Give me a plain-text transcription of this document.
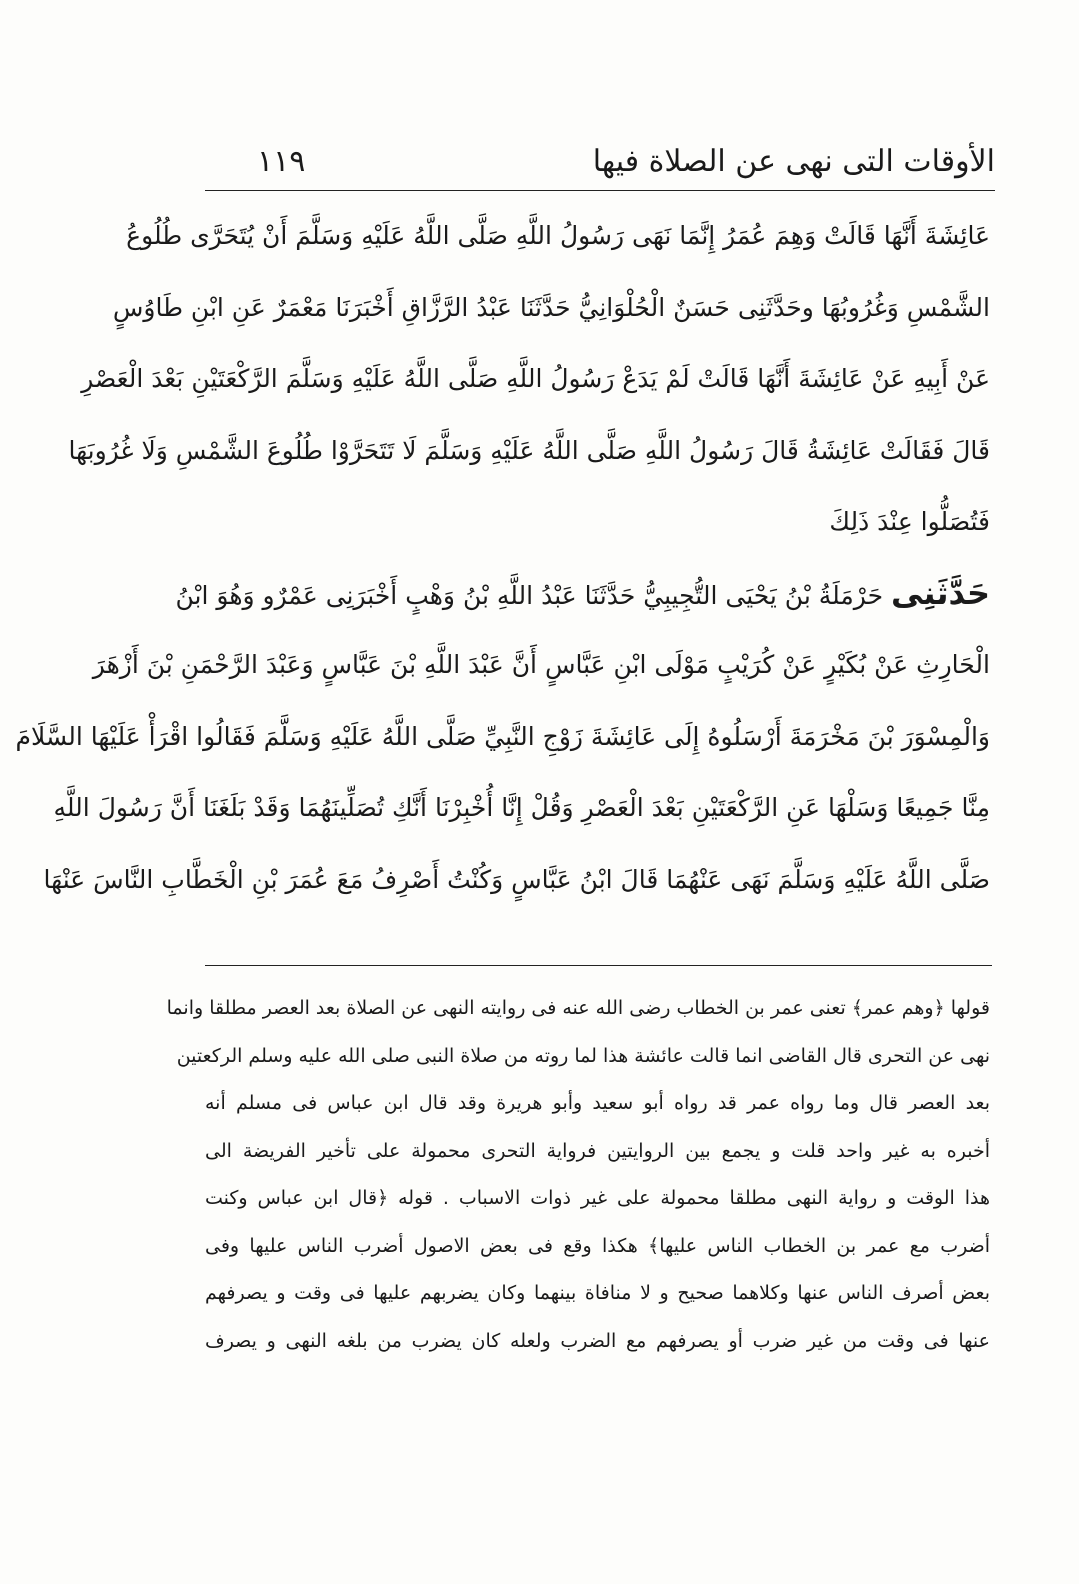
الأوقات التى نهى عن الصلاة فيها
١١٩
عَائِشَةَ أَنَّهَا قَالَتْ وَهِمَ عُمَرُ إِنَّمَا نَهَى رَسُولُ اللَّهِ صَلَّى اللَّهُ عَلَيْهِ وَسَلَّمَ أَنْ يُتَحَرَّى طُلُوعُ
الشَّمْسِ وَغُرُوبُهَا وحَدَّثَنِى حَسَنٌ الْحُلْوَانِيُّ حَدَّثَنَا عَبْدُ الرَّزَّاقِ أَخْبَرَنَا مَعْمَرٌ عَنِ ابْنِ طَاوُسٍ
عَنْ أَبِيهِ عَنْ عَائِشَةَ أَنَّهَا قَالَتْ لَمْ يَدَعْ رَسُولُ اللَّهِ صَلَّى اللَّهُ عَلَيْهِ وَسَلَّمَ الرَّكْعَتَيْنِ بَعْدَ الْعَصْرِ
قَالَ فَقَالَتْ عَائِشَةُ قَالَ رَسُولُ اللَّهِ صَلَّى اللَّهُ عَلَيْهِ وَسَلَّمَ لَا تَتَحَرَّوْا طُلُوعَ الشَّمْسِ وَلَا غُرُوبَهَا
فَتُصَلُّوا عِنْدَ ذَلِكَ
حَدَّثَنِى حَرْمَلَةُ بْنُ يَحْيَى التُّجِيبِيُّ حَدَّثَنَا عَبْدُ اللَّهِ بْنُ وَهْبٍ أَخْبَرَنِى عَمْرٌو وَهُوَ ابْنُ
الْحَارِثِ عَنْ بُكَيْرٍ عَنْ كُرَيْبٍ مَوْلَى ابْنِ عَبَّاسٍ أَنَّ عَبْدَ اللَّهِ بْنَ عَبَّاسٍ وَعَبْدَ الرَّحْمَنِ بْنَ أَزْهَرَ
وَالْمِسْوَرَ بْنَ مَخْرَمَةَ أَرْسَلُوهُ إِلَى عَائِشَةَ زَوْجِ النَّبِيِّ صَلَّى اللَّهُ عَلَيْهِ وَسَلَّمَ فَقَالُوا اقْرَأْ عَلَيْهَا السَّلَامَ
مِنَّا جَمِيعًا وَسَلْهَا عَنِ الرَّكْعَتَيْنِ بَعْدَ الْعَصْرِ وَقُلْ إِنَّا أُخْبِرْنَا أَنَّكِ تُصَلِّينَهُمَا وَقَدْ بَلَغَنَا أَنَّ رَسُولَ اللَّهِ
صَلَّى اللَّهُ عَلَيْهِ وَسَلَّمَ نَهَى عَنْهُمَا قَالَ ابْنُ عَبَّاسٍ وَكُنْتُ أَصْرِفُ مَعَ عُمَرَ بْنِ الْخَطَّابِ النَّاسَ عَنْهَا
قولها ﴿وهم عمر﴾ تعنى عمر بن الخطاب رضى الله عنه فى روايته النهى عن الصلاة بعد العصر مطلقا وانما
نهى عن التحرى قال القاضى انما قالت عائشة هذا لما روته من صلاة النبى صلى الله عليه وسلم الركعتين
بعد العصر قال وما رواه عمر قد رواه أبو سعيد وأبو هريرة وقد قال ابن عباس فى مسلم أنه
أخبره به غير واحد قلت و يجمع بين الروايتين فرواية التحرى محمولة على تأخير الفريضة الى
هذا الوقت و رواية النهى مطلقا محمولة على غير ذوات الاسباب . قوله ﴿قال ابن عباس وكنت
أضرب مع عمر بن الخطاب الناس عليها﴾ هكذا وقع فى بعض الاصول أضرب الناس عليها وفى
بعض أصرف الناس عنها وكلاهما صحيح و لا منافاة بينهما وكان يضربهم عليها فى وقت و يصرفهم
عنها فى وقت من غير ضرب أو يصرفهم مع الضرب ولعله كان يضرب من بلغه النهى و يصرف
